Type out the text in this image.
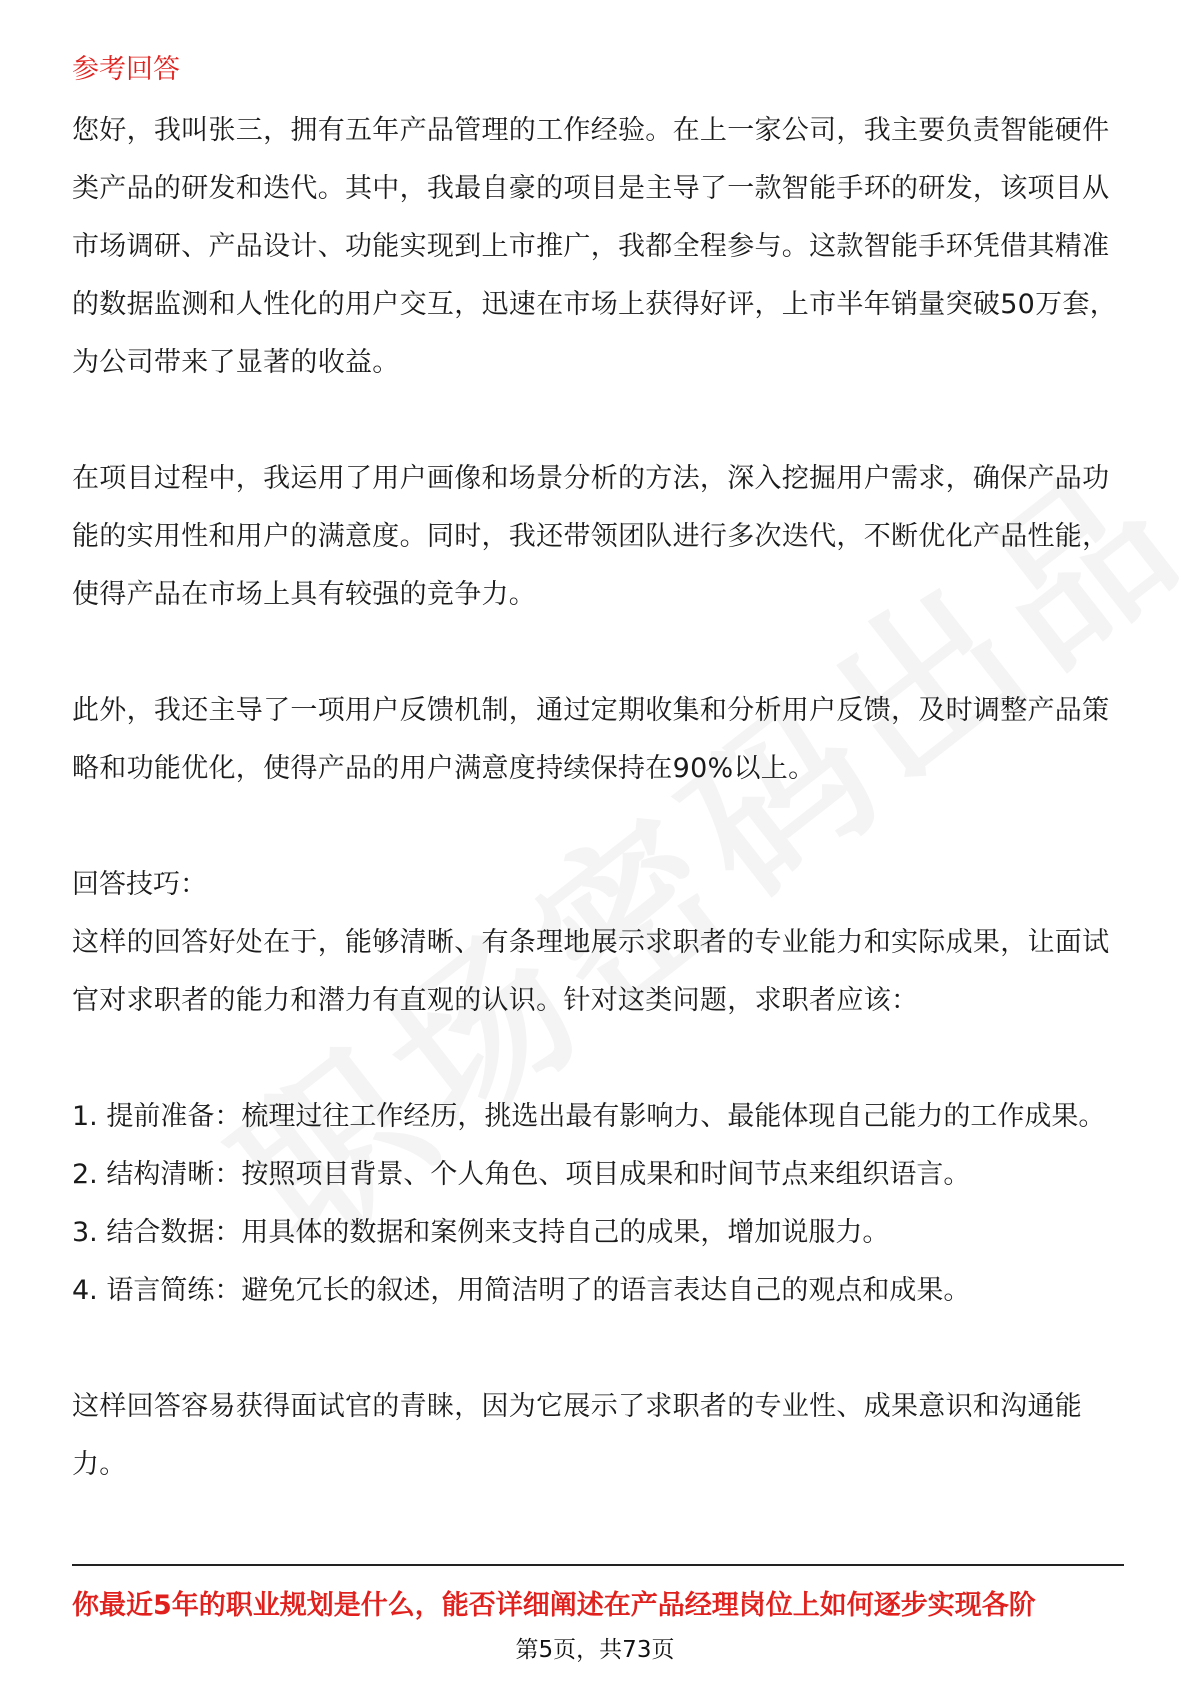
参考回答

您好，我叫张三，拥有五年产品管理的工作经验。在上一家公司，我主要负责智能硬件类产品的研发和迭代。其中，我最自豪的项目是主导了一款智能手环的研发，该项目从市场调研、产品设计、功能实现到上市推广，我都全程参与。这款智能手环凭借其精准的数据监测和人性化的用户交互，迅速在市场上获得好评，上市半年销量突破50万套，为公司带来了显著的收益。

在项目过程中，我运用了用户画像和场景分析的方法，深入挖掘用户需求，确保产品功能的实用性和用户的满意度。同时，我还带领团队进行多次迭代，不断优化产品性能，使得产品在市场上具有较强的竞争力。

此外，我还主导了一项用户反馈机制，通过定期收集和分析用户反馈，及时调整产品策略和功能优化，使得产品的用户满意度持续保持在90%以上。

回答技巧：

这样的回答好处在于，能够清晰、有条理地展示求职者的专业能力和实际成果，让面试官对求职者的能力和潜力有直观的认识。针对这类问题，求职者应该：

1. 提前准备：梳理过往工作经历，挑选出最有影响力、最能体现自己能力的工作成果。
2. 结构清晰：按照项目背景、个人角色、项目成果和时间节点来组织语言。
3. 结合数据：用具体的数据和案例来支持自己的成果，增加说服力。
4. 语言简练：避免冗长的叙述，用简洁明了的语言表达自己的观点和成果。

这样回答容易获得面试官的青睐，因为它展示了求职者的专业性、成果意识和沟通能力。

你最近5年的职业规划是什么，能否详细阐述在产品经理岗位上如何逐步实现各阶
第5页，共73页
